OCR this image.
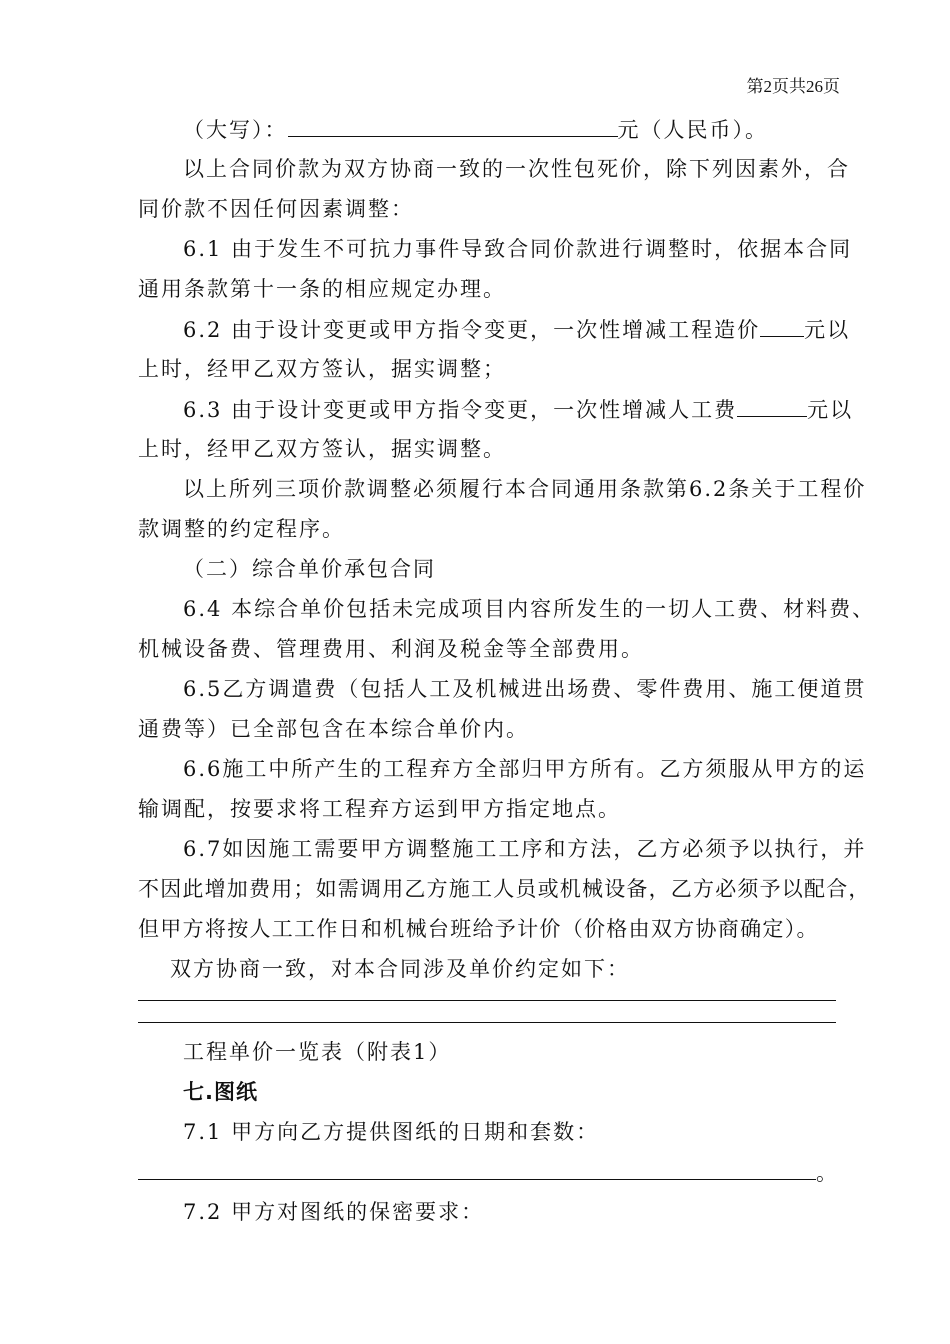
第2页共26页
（大写）：	元（人民币）。
以上合同价款为双方协商一致的一次性包死价，除下列因素外，合
同价款不因任何因素调整：
6.1 由于发生不可抗力事件导致合同价款进行调整时，依据本合同
通用条款第十一条的相应规定办理。
6.2 由于设计变更或甲方指令变更，一次性增减工程造价 元以
上时，经甲乙双方签认，据实调整；
6.3 由于设计变更或甲方指令变更，一次性增减人工费	元以
上时，经甲乙双方签认，据实调整。
以上所列三项价款调整必须履行本合同通用条款第6.2条关于工程价
款调整的约定程序。
（二）综合单价承包合同
6.4 本综合单价包括未完成项目内容所发生的一切人工费、材料费、
机械设备费、管理费用、利润及税金等全部费用。
6.5乙方调遣费（包括人工及机械进出场费、零件费用、施工便道贯
通费等）已全部包含在本综合单价内。
6.6施工中所产生的工程弃方全部归甲方所有。乙方须服从甲方的运
输调配，按要求将工程弃方运到甲方指定地点。
6.7如因施工需要甲方调整施工工序和方法，乙方必须予以执行，并
不因此增加费用；如需调用乙方施工人员或机械设备，乙方必须予以配合，
但甲方将按人工工作日和机械台班给予计价（价格由双方协商确定）。
双方协商一致，对本合同涉及单价约定如下：
工程单价一览表（附表1）
七.图纸
7.1 甲方向乙方提供图纸的日期和套数：
。
7.2 甲方对图纸的保密要求：
